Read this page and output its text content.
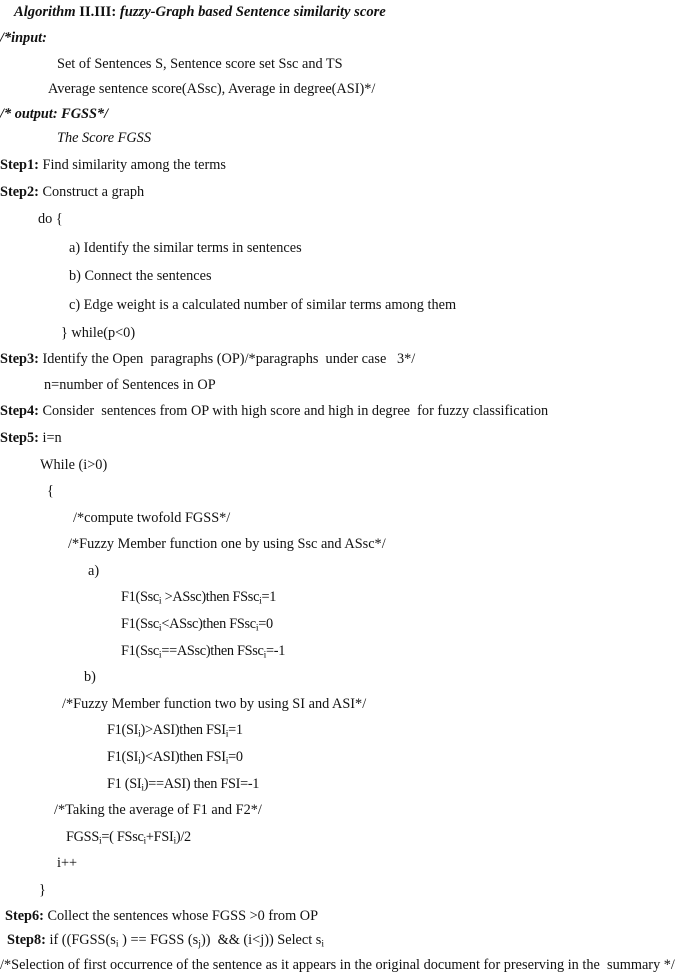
Algorithm II.III: fuzzy-Graph based Sentence similarity score
/*input:
Set of Sentences S, Sentence score set Ssc and TS
Average sentence score(ASsc), Average in degree(ASI)*/
/* output: FGSS*/
The Score FGSS
Step1: Find similarity among the terms
Step2: Construct a graph
do {
a) Identify the similar terms in sentences
b) Connect the sentences
c) Edge weight is a calculated number of similar terms among them
} while(p<0)
Step3: Identify the Open  paragraphs (OP)/*paragraphs  under case   3*/
n=number of Sentences in OP
Step4: Consider  sentences from OP with high score and high in degree  for fuzzy classification
Step5: i=n
While (i>0)
{
/*compute twofold FGSS*/
/*Fuzzy Member function one by using Ssc and ASsc*/
a)
F1(Ssc$_i$ >ASsc)then FSsc$_i$=1
F1(Ssc$_i$<ASsc)then FSsc$_i$=0
F1(Ssc$_i$==ASsc)then FSsc$_i$=-1
b)
/*Fuzzy Member function two by using SI and ASI*/
$F1(SI_i)>ASI)then$ $FSI_i=1$
$F1(SI_i)<ASI)then$ $FSI_i=0$
F1 $(SI_i)==ASI$) then FSI=-1
/*Taking the average of F1 and F2*/
$FGSS_i=$( $FSsc_i+FSI_i)/2$
i++
}
Step6: Collect the sentences whose FGSS >0 from OP
Step8: if (($FGSS(s_i$ ) == FGSS $(s_j)$)  && (i<j)) Select $s_i$
/*Selection of first occurrence of the sentence as it appears in the original document for preserving in the  summary */
